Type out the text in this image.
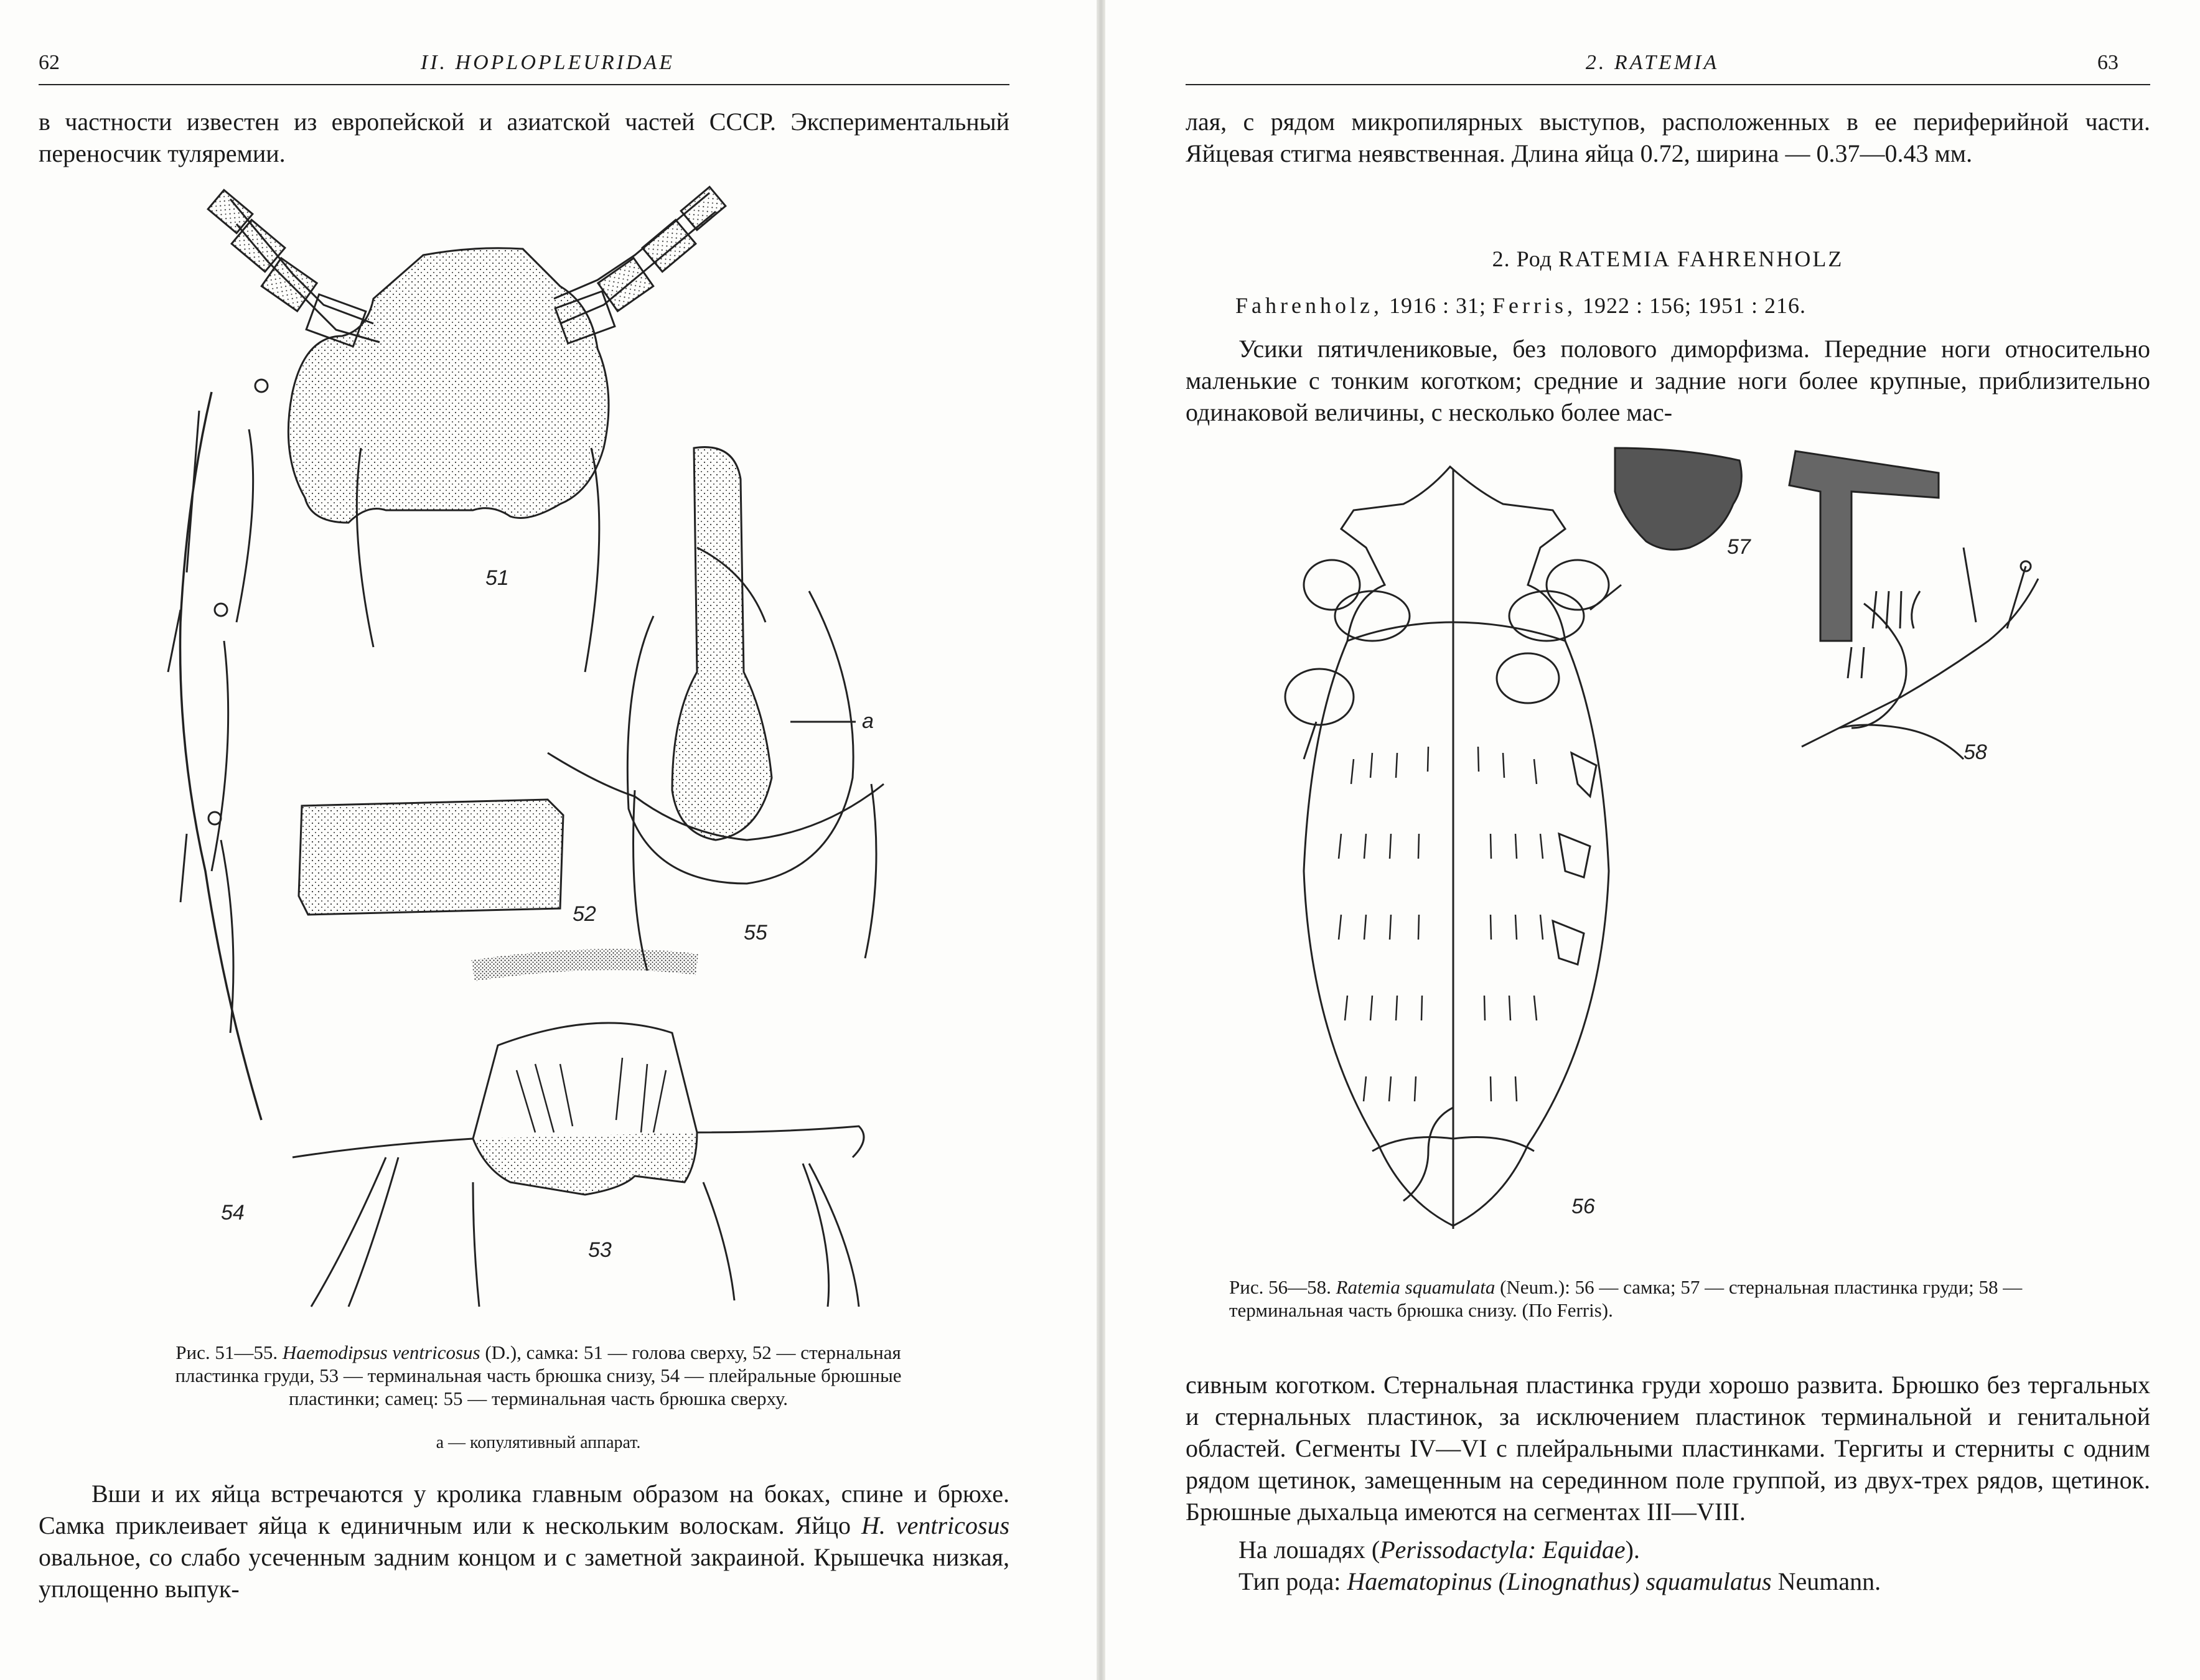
62	II. HOPLOPLEURIDAE

в частности известен из европейской и азиатской частей СССР. Экспериментальный переносчик туляремии.

51
52
53
54
55
a

Рис. 51—55. Haemodipsus ventricosus (D.), самка: 51 — голова сверху, 52 — стернальная пластинка груди, 53 — терминальная часть брюшка снизу, 54 — плейральные брюшные пластинки; самец: 55 — терминальная часть брюшка сверху.

a — копулятивный аппарат.

Вши и их яйца встречаются у кролика главным образом на боках, спине и брюхе. Самка приклеивает яйца к единичным или к нескольким волоскам. Яйцо H. ventricosus овальное, со слабо усеченным задним концом и с заметной закраиной. Крышечка низкая, уплощенно выпук-

63
2. RATEMIA

лая, с рядом микропилярных выступов, расположенных в ее периферийной части. Яйцевая стигма неявственная. Длина яйца 0.72, ширина — 0.37—0.43 мм.

2. Род RATEMIA FAHRENHOLZ
Fahrenholz, 1916 : 31; Ferris, 1922 : 156; 1951 : 216.

Усики пятичлениковые, без полового диморфизма. Передние ноги относительно маленькие с тонким коготком; средние и задние ноги более крупные, приблизительно одинаковой величины, с несколько более мас-

56
57
58

Рис. 56—58. Ratemia squamulata (Neum.): 56 — самка; 57 — стернальная пластинка груди; 58 — терминальная часть брюшка снизу. (По Ferris).

сивным коготком. Стернальная пластинка груди хорошо развита. Брюшко без тергальных и стернальных пластинок, за исключением пластинок терминальной и генитальной областей. Сегменты IV—VI с плейральными пластинками. Тергиты и стерниты с одним рядом щетинок, замещенным на серединном поле группой, из двух-трех рядов, щетинок. Брюшные дыхальца имеются на сегментах III—VIII.

На лошадях (Perissodactyla: Equidae).

Тип рода: Haematopinus (Linognathus) squamulatus Neumann.
